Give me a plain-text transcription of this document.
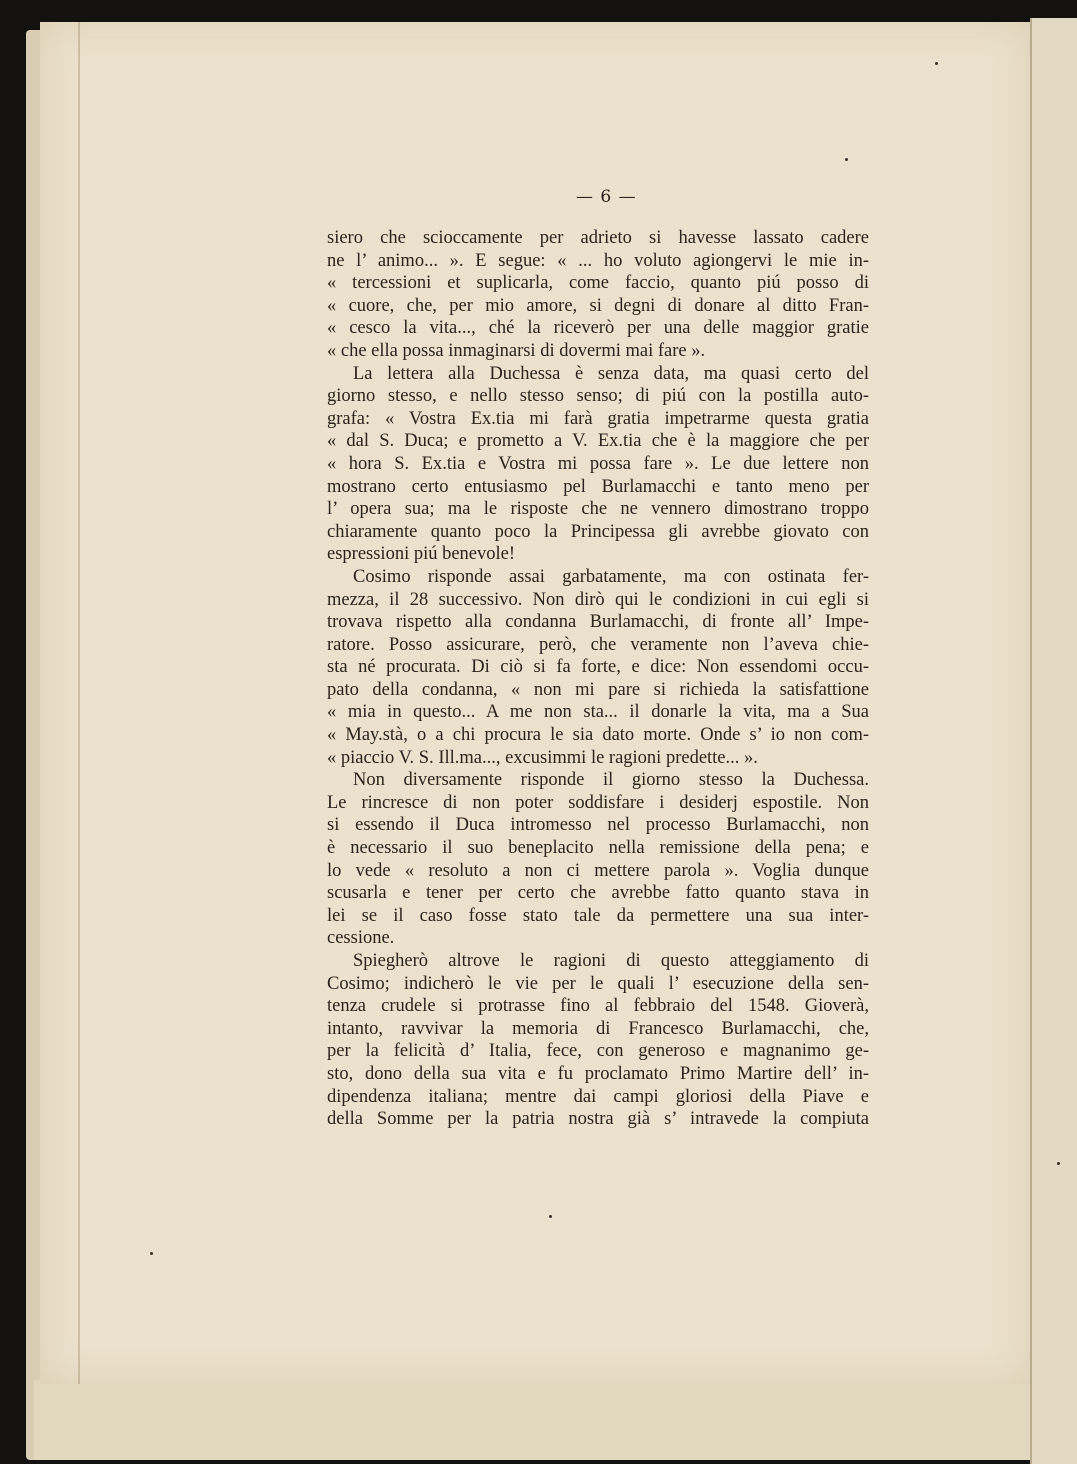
— 6 —
siero che scioccamente per adrieto si havesse lassato cadere
ne l’ animo... ». E segue: « ... ho voluto agiongervi le mie in-
« tercessioni et suplicarla, come faccio, quanto piú posso di
« cuore, che, per mio amore, si degni di donare al ditto Fran-
« cesco la vita..., ché la riceverò per una delle maggior gratie
« che ella possa inmaginarsi di dovermi mai fare ».
La lettera alla Duchessa è senza data, ma quasi certo del
giorno stesso, e nello stesso senso; di piú con la postilla auto-
grafa: « Vostra Ex.tia mi farà gratia impetrarme questa gratia
« dal S. Duca; e prometto a V. Ex.tia che è la maggiore che per
« hora S. Ex.tia e Vostra mi possa fare ». Le due lettere non
mostrano certo entusiasmo pel Burlamacchi e tanto meno per
l’ opera sua; ma le risposte che ne vennero dimostrano troppo
chiaramente quanto poco la Principessa gli avrebbe giovato con
espressioni piú benevole!
Cosimo risponde assai garbatamente, ma con ostinata fer-
mezza, il 28 successivo. Non dirò qui le condizioni in cui egli si
trovava rispetto alla condanna Burlamacchi, di fronte all’ Impe-
ratore. Posso assicurare, però, che veramente non l’aveva chie-
sta né procurata. Di ciò si fa forte, e dice: Non essendomi occu-
pato della condanna, « non mi pare si richieda la satisfattione
« mia in questo... A me non sta... il donarle la vita, ma a Sua
« May.stà, o a chi procura le sia dato morte. Onde s’ io non com-
« piaccio V. S. Ill.ma..., excusimmi le ragioni predette... ».
Non diversamente risponde il giorno stesso la Duchessa.
Le rincresce di non poter soddisfare i desiderj espostile. Non
si essendo il Duca intromesso nel processo Burlamacchi, non
è necessario il suo beneplacito nella remissione della pena; e
lo vede « resoluto a non ci mettere parola ». Voglia dunque
scusarla e tener per certo che avrebbe fatto quanto stava in
lei se il caso fosse stato tale da permettere una sua inter-
cessione.
Spiegherò altrove le ragioni di questo atteggiamento di
Cosimo; indicherò le vie per le quali l’ esecuzione della sen-
tenza crudele si protrasse fino al febbraio del 1548. Gioverà,
intanto, ravvivar la memoria di Francesco Burlamacchi, che,
per la felicità d’ Italia, fece, con generoso e magnanimo ge-
sto, dono della sua vita e fu proclamato Primo Martire dell’ in-
dipendenza italiana; mentre dai campi gloriosi della Piave e
della Somme per la patria nostra già s’ intravede la compiuta
